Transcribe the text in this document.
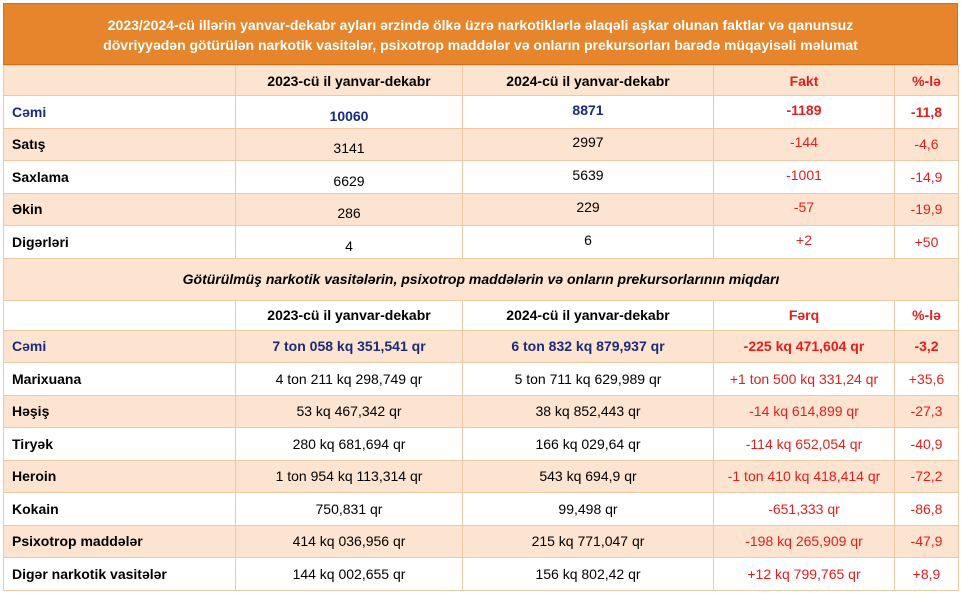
2023/2024-cü illərin yanvar-dekabr ayları ərzində ölkə üzrə narkotiklərlə əlaqəli aşkar olunan faktlar və qanunsuz
dövriyyədən götürülən narkotik vasitələr, psixotrop maddələr və onların prekursorları barədə müqayisəli məlumat
	2023-cü il yanvar-dekabr	2024-cü il yanvar-dekabr	Fakt	%-lə
Cəmi	10060	8871	-1189	-11,8
Satış	3141	2997	-144	-4,6
Saxlama	6629	5639	-1001	-14,9
Əkin	286	229	-57	-19,9
Digərləri	4	6	+2	+50
Götürülmüş narkotik vasitələrin, psixotrop maddələrin və onların prekursorlarının miqdarı				
	2023-cü il yanvar-dekabr	2024-cü il yanvar-dekabr	Fərq	%-lə
Cəmi	7 ton 058 kq 351,541 qr	6 ton 832 kq 879,937 qr	-225 kq 471,604 qr	-3,2
Marixuana	4 ton 211 kq 298,749 qr	5 ton 711 kq 629,989 qr	+1 ton 500 kq 331,24 qr	+35,6
Həşiş	53 kq 467,342 qr	38 kq 852,443 qr	-14 kq 614,899 qr	-27,3
Tiryək	280 kq 681,694 qr	166 kq 029,64 qr	-114 kq 652,054 qr	-40,9
Heroin	1 ton 954 kq 113,314 qr	543 kq 694,9 qr	-1 ton 410 kq 418,414 qr	-72,2
Kokain	750,831 qr	99,498 qr	-651,333 qr	-86,8
Psixotrop maddələr	414 kq 036,956 qr	215 kq 771,047 qr	-198 kq 265,909 qr	-47,9
Digər narkotik vasitələr	144 kq 002,655 qr	156 kq 802,42 qr	+12 kq 799,765 qr	+8,9
